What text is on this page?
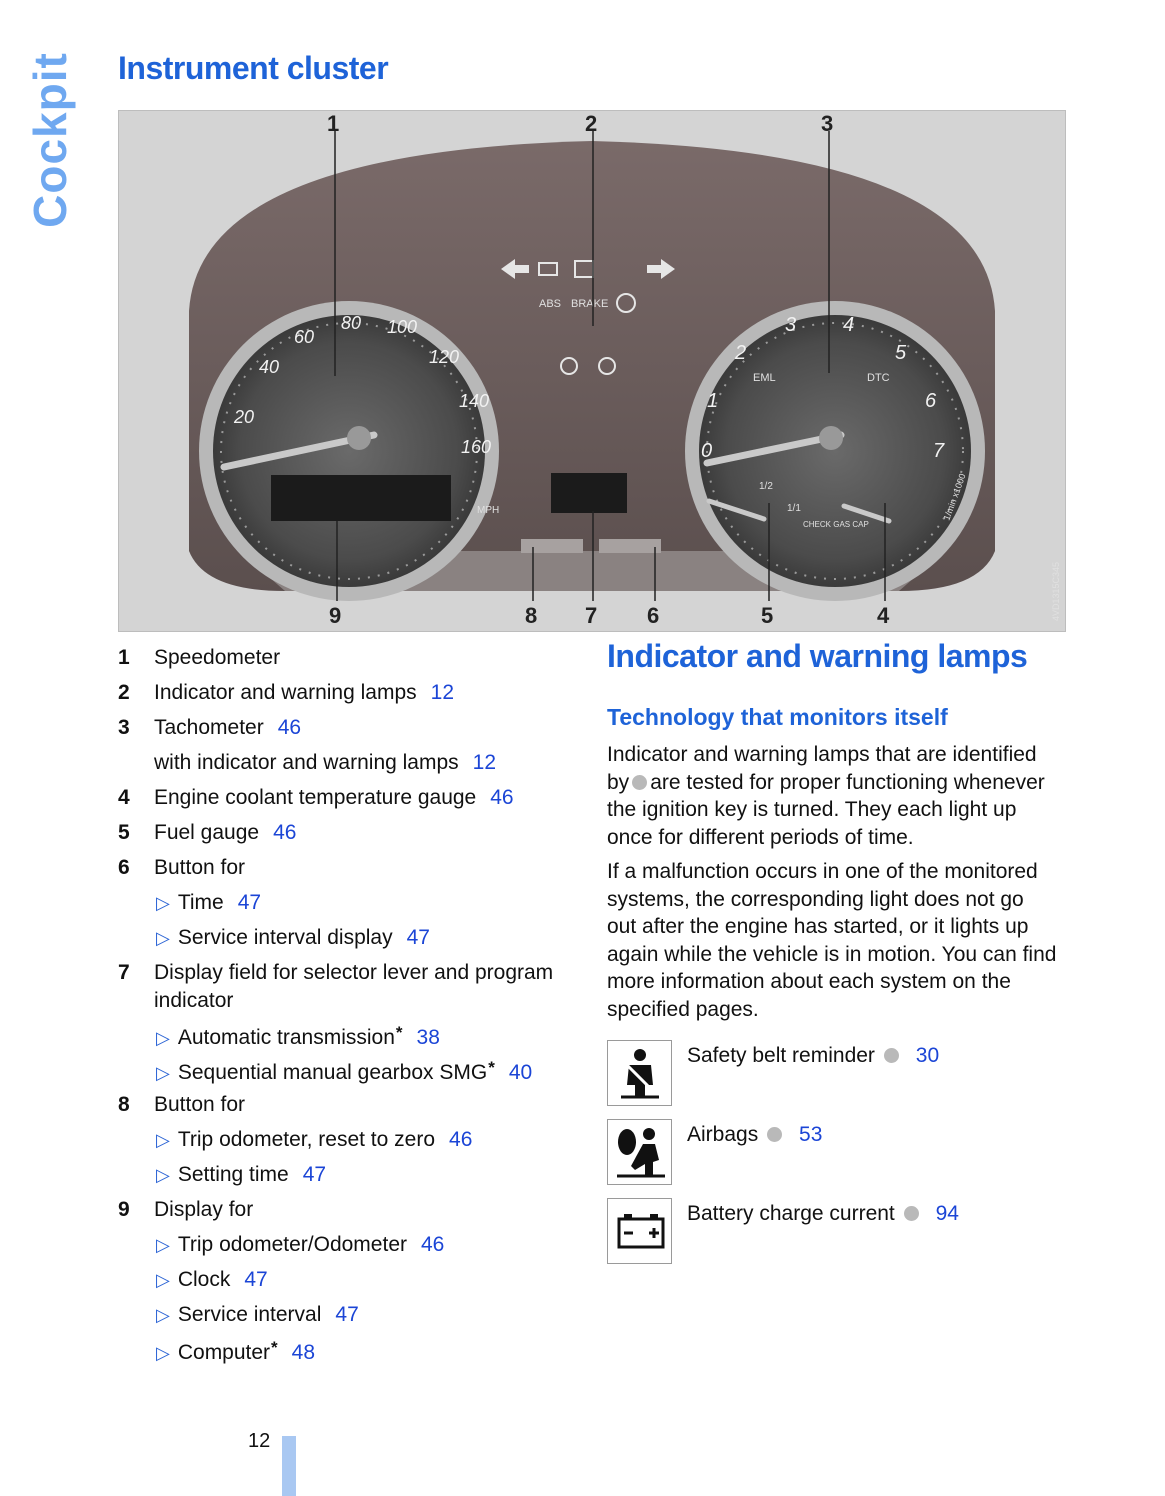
Cockpit Instrument cluster
20
40
60
80 100
120
140
160
MPH
0
1
2
3 4
5
6
7
EML	DTC
1/2
1/1
CHECK GAS CAP
1/min x1000
ABS BRAKE
1	2	3
4
5
6
7
8
9	4VD1315C345
1 Speedometer
2 Indicator and warning lamps 12
3 Tachometer 46
with indicator and warning lamps 12
4 Engine coolant temperature gauge 46
5 Fuel gauge 46
6 Button for
▷ Time 47
▷ Service interval display 47
7 Display field for selector lever and program
indicator
▷ Automatic transmission* 38
▷ Sequential manual gearbox SMG* 40
8 Button for
▷ Trip odometer, reset to zero 46
▷ Setting time 47
9 Display for
▷ Trip odometer/Odometer 46
▷ Clock 47
▷ Service interval 47
▷ Computer* 48
Indicator and warning lamps
Technology that monitors itself
Indicator and warning lamps that are identified
by are tested for proper functioning whenever
the ignition key is turned. They each light up
once for different periods of time.
If a malfunction occurs in one of the monitored
systems, the corresponding light does not go
out after the engine has started, or it lights up
again while the vehicle is in motion. You can find
more information about each system on the
specified pages.
Safety belt reminder 30
Airbags 53
Battery charge current 94
12
